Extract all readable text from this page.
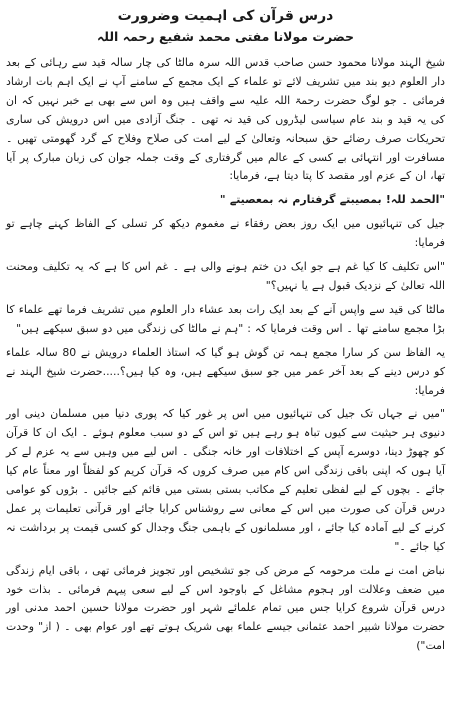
درس قرآن کی اہمیت وضرورت
حضرت مولانا مفتی محمد شفیع رحمہ اللہ

شیخ الہند مولانا محمود حسن صاحب قدس اللہ سرہ مالٹا کی چار سالہ قید سے رہائی کے بعد دار العلوم دیو بند میں تشریف لائے تو علماء کے ایک مجمع کے سامنے آپ نے ایک اہم بات ارشاد فرمائی ۔ جو لوگ حضرت رحمۃ اللہ علیہ سے واقف ہیں وہ اس سے بھی بے خبر نہیں کہ ان کی یہ قید و بند عام سیاسی لیڈروں کی قید نہ تھی ۔ جنگ آزادی میں اس درویش کی ساری تحریکات صرف رضائے حق سبحانہ وتعالیٰ کے لیے امت کی صلاح وفلاح کے گرد گھومتی تھیں ۔ مسافرت اور انتہائی بے کسی کے عالم میں گرفتاری کے وقت جملہ جوان کی زبان مبارک پر آیا تھا، ان کے عزم اور مقصد کا پتا دیتا ہے، فرمایا:

"الحمد للہ! بمصیبتے گرفتارم نہ بمعصیتے "

جیل کی تنہائیوں میں ایک روز بعض رفقاء نے مغموم دیکھ کر تسلی کے الفاظ کہنے چاہے تو فرمایا:

"اس تکلیف کا کیا غم ہے جو ایک دن ختم ہونے والی ہے ۔ غم اس کا ہے کہ یہ تکلیف ومحنت اللہ تعالیٰ کے نزدیک قبول ہے یا نہیں؟"

مالٹا کی قید سے واپس آنے کے بعد ایک رات بعد عشاء دار العلوم میں تشریف فرما تھے علماء کا بڑا مجمع سامنے تھا ۔ اس وقت فرمایا کہ : "ہم نے مالٹا کی زندگی میں دو سبق سیکھے ہیں"

یہ الفاظ سن کر سارا مجمع ہمہ تن گوش ہو گیا کہ استاذ العلماء درویش نے 80 سالہ علماء کو درس دینے کے بعد آخر عمر میں جو سبق سیکھے ہیں، وہ کیا ہیں؟.....حضرت شیخ الہند نے فرمایا:

"میں نے جہاں تک جیل کی تنہائیوں میں اس پر غور کیا کہ پوری دنیا میں مسلمان دینی اور دنیوی ہر حیثیت سے کیوں تباہ ہو رہے ہیں تو اس کے دو سبب معلوم ہوئے ۔ ایک ان کا قرآن کو چھوڑ دینا، دوسرے آپس کے اختلافات اور خانہ جنگی ۔ اس لیے میں وہیں سے یہ عزم لے کر آیا ہوں کہ اپنی باقی زندگی اس کام میں صرف کروں کہ قرآن کریم کو لفظاً اور معناً عام کیا جائے ۔ بچوں کے لیے لفظی تعلیم کے مکاتب بستی بستی میں قائم کیے جائیں ۔ بڑوں کو عوامی درس قرآن کی صورت میں اس کے معانی سے روشناس کرایا جائے اور قرآنی تعلیمات پر عمل کرنے کے لیے آمادہ کیا جائے ، اور مسلمانوں کے باہمی جنگ وجدال کو کسی قیمت پر برداشت نہ کیا جائے ۔"

نباض امت نے ملت مرحومہ کے مرض کی جو تشخیص اور تجویز فرمائی تھی ، باقی ایام زندگی میں ضعف وعلالت اور ہجوم مشاغل کے باوجود اس کے لیے سعی پیہم فرمائی ۔ بذات خود درس قرآن شروع کرایا جس میں تمام علمائے شہر اور حضرت مولانا حسین احمد مدنی اور حضرت مولانا شبیر احمد عثمانی جیسے علماء بھی شریک ہوتے تھے اور عوام بھی ۔ ( از" وحدت امت")
